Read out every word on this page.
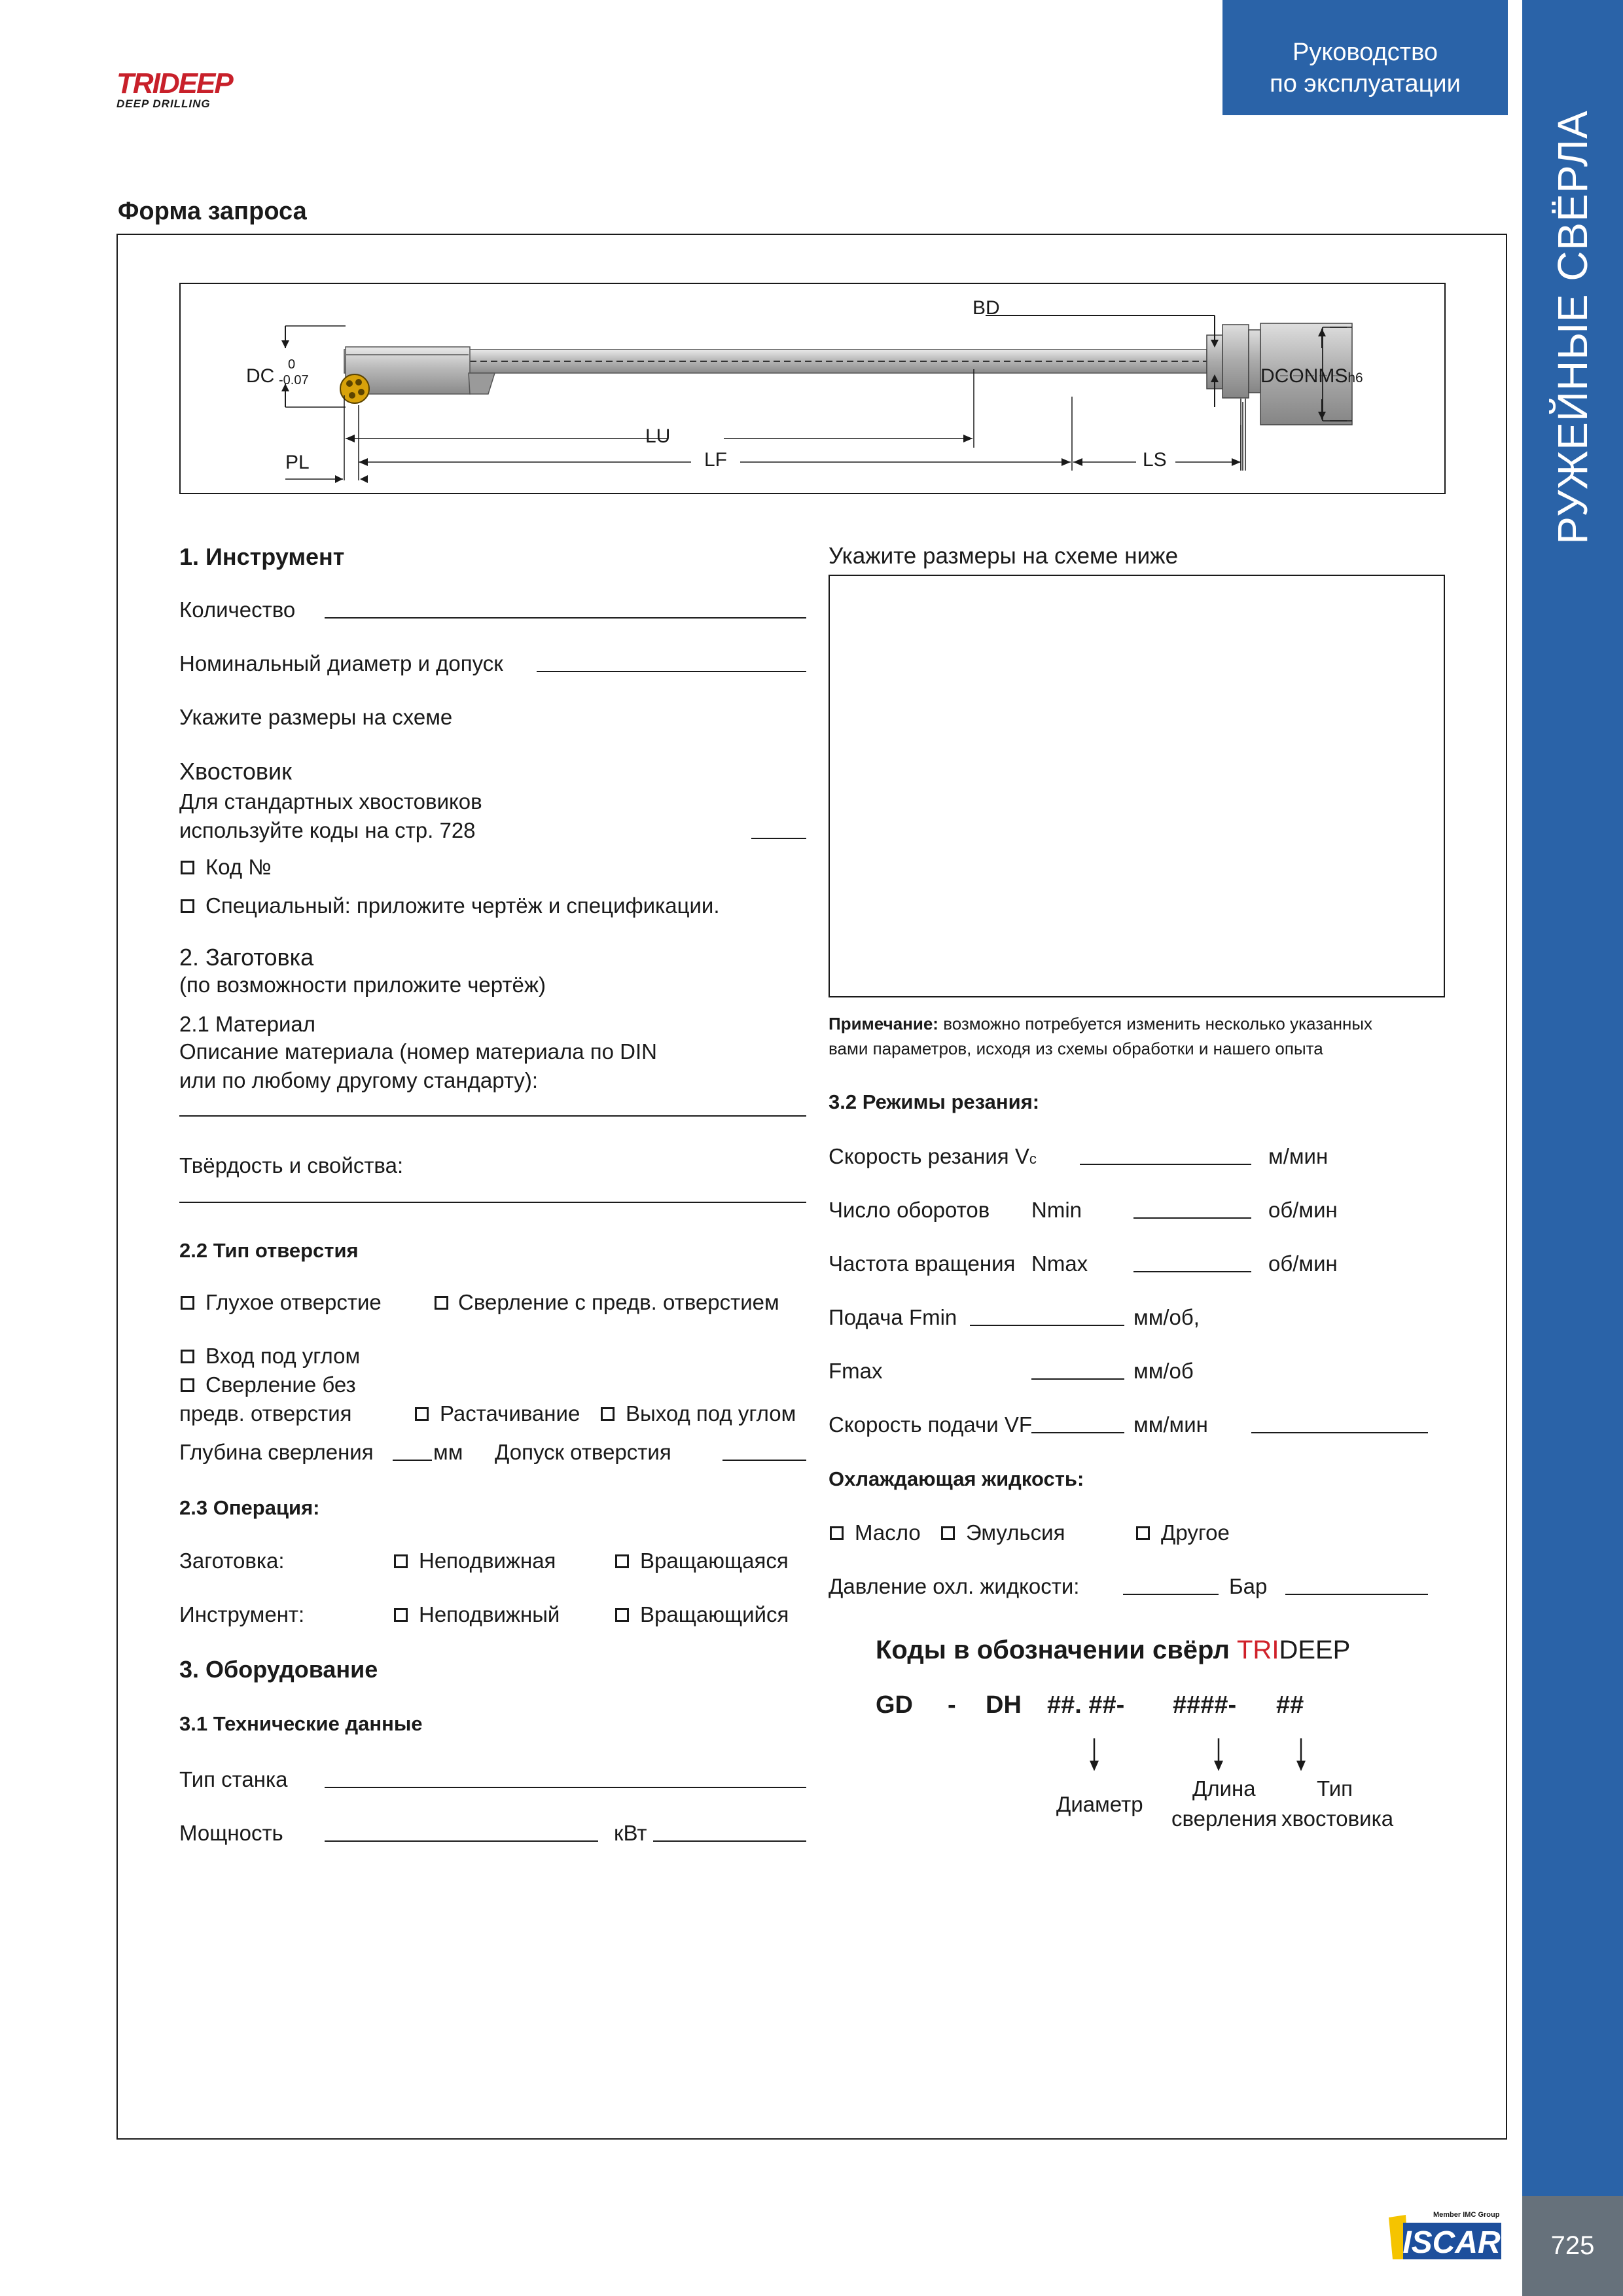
TRIDEEP
DEEP DRILLING
Руководство
по эксплуатации
РУЖЕЙНЫЕ СВЁРЛА
725
Member IMC Group
ISCAR
Форма запроса
BD
DC
0
-0.07	DCONMSh6
LU
LF	LS
PL
1. Инструмент
Количество
Номинальный диаметр и допуск
Укажите размеры на схеме
Хвостовик
Для стандартных хвостовиков
используйте коды на стр. 728
Код №
Специальный: приложите чертёж и спецификации.
2. Заготовка
(по возможности приложите чертёж)
2.1 Материал
Описание материала (номер материала по DIN
или по любому другому стандарту):
Твёрдость и свойства:
2.2 Тип отверстия
Глухое отверстие	Сверление с предв. отверстием
Вход под углом
Сверление без
предв. отверстия	Растачивание Выход под углом
Глубина сверления	мм Допуск отверстия
2.3 Операция:
Заготовка:	Неподвижная	Вращающаяся
Инструмент:	Неподвижный	Вращающийся
3. Оборудование
3.1 Технические данные
Тип станка
Мощность	кВт
Укажите размеры на схеме ниже
Примечание: возможно потребуется изменить несколько указанных
вами параметров, исходя из схемы обработки и нашего опыта
3.2 Режимы резания:
Скорость резания Vc	м/мин
Число оборотов Nmin	об/мин
Частота вращения Nmax	об/мин
Подача Fmin	мм/об,
Fmax	мм/об
Скорость подачи VF	мм/мин
Охлаждающая жидкость:
Масло Эмульсия	Другое
Давление охл. жидкости:	Бар
Коды в обозначении свёрл TRIDEEP
GD - DH ##. ##- ####- ##
Диаметр
Длина
сверления
Тип
хвостовика
